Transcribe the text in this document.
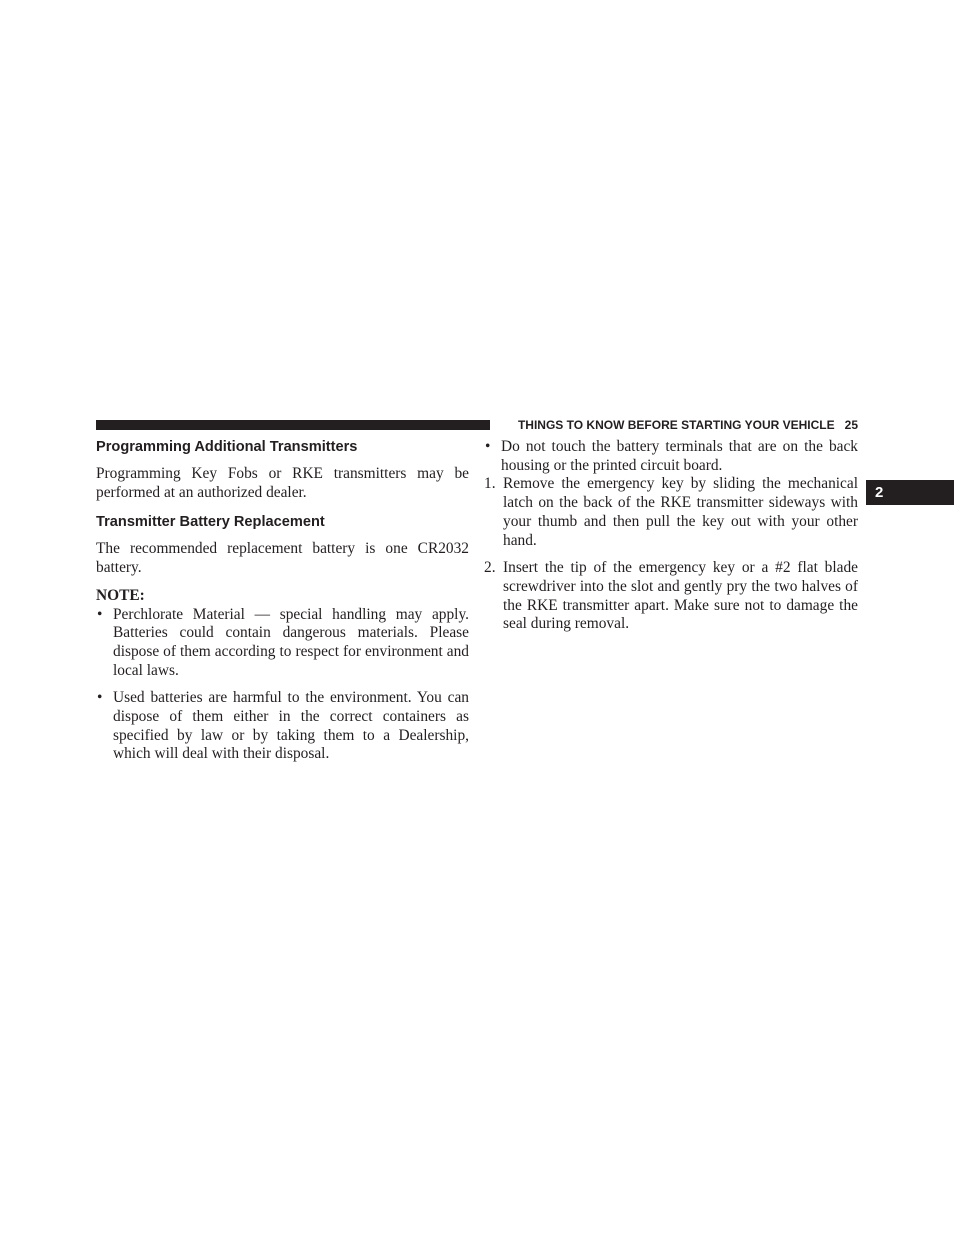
THINGS TO KNOW BEFORE STARTING YOUR VEHICLE 25
2
Programming Additional Transmitters

Programming Key Fobs or RKE transmitters may be performed at an authorized dealer.

Transmitter Battery Replacement

The recommended replacement battery is one CR2032 battery.

NOTE:

• Perchlorate Material — special handling may apply. Batteries could contain dangerous materials. Please dispose of them according to respect for environment and local laws.
• Used batteries are harmful to the environment. You can dispose of them either in the correct containers as specified by law or by taking them to a Dealership, which will deal with their disposal.
• Do not touch the battery terminals that are on the back housing or the printed circuit board.
1. Remove the emergency key by sliding the mechanical latch on the back of the RKE transmitter sideways with your thumb and then pull the key out with your other hand.
2. Insert the tip of the emergency key or a #2 flat blade screwdriver into the slot and gently pry the two halves of the RKE transmitter apart. Make sure not to damage the seal during removal.
